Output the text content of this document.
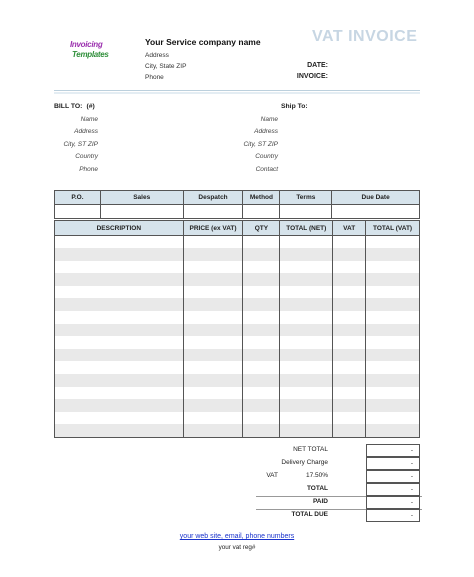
Invoicing
Templates
Your Service company name
Address
City, State ZIP
Phone
VAT INVOICE
DATE:
INVOICE:
BILL TO: (#)
Name
Address
City, ST ZIP
Country
Phone
Ship To:
Name
Address
City, ST ZIP
Country
Contact
P.O.	Sales	Despatch	Method	Terms	Due Date

DESCRIPTION	PRICE (ex VAT)	QTY	TOTAL (NET)	VAT	TOTAL (VAT)

NET TOTAL	-
Delivery Charge	-
VAT	17.50%	-
TOTAL	-
PAID	-
TOTAL DUE	-
your web site, email, phone numbers
your vat reg#
